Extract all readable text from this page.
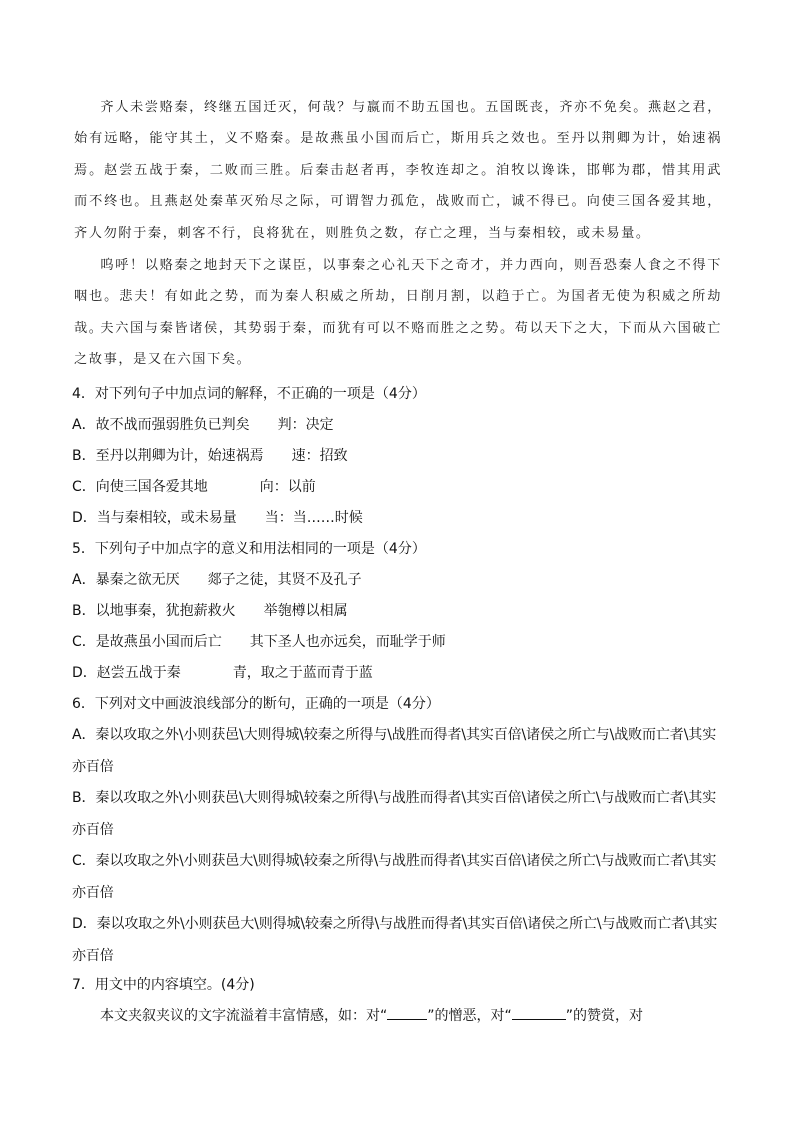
齐人未尝赂秦，终继五国迁灭，何哉？与嬴而不助五国也。五国既丧，齐亦不免矣。燕赵之君，始有远略，能守其土，义不赂秦。是故燕虽小国而后亡，斯用兵之效也。至丹以荆卿为计，始速祸焉。赵尝五战于秦，二败而三胜。后秦击赵者再，李牧连却之。洎牧以谗诛，邯郸为郡，惜其用武而不终也。且燕赵处秦革灭殆尽之际，可谓智力孤危，战败而亡，诚不得已。向使三国各爱其地，齐人勿附于秦，刺客不行，良将犹在，则胜负之数，存亡之理，当与秦相较，或未易量。

呜呼！以赂秦之地封天下之谋臣，以事秦之心礼天下之奇才，并力西向，则吾恐秦人食之不得下咽也。悲夫！有如此之势，而为秦人积威之所劫，日削月割，以趋于亡。为国者无使为积威之所劫哉。

夫六国与秦皆诸侯，其势弱于秦，而犹有可以不赂而胜之之势。苟以天下之大，下而从六国破亡之故事，是又在六国下矣。

4．对下列句子中加点词的解释，不正确的一项是（4分）

A．故不战而强弱胜负已判矣 判：决定

B．至丹以荆卿为计，始速祸焉 速：招致

C．向使三国各爱其地	向：以前

D．当与秦相较，或未易量 当：当……时候

5．下列句子中加点字的意义和用法相同的一项是（4分）

A．暴秦之欲无厌 郯子之徒，其贤不及孔子

B．以地事秦，犹抱薪救火 举匏樽以相属

C．是故燕虽小国而后亡 其下圣人也亦远矣，而耻学于师

D．赵尝五战于秦	青，取之于蓝而青于蓝

6．下列对文中画波浪线部分的断句，正确的一项是（4分）

A．秦以攻取之外\小则获邑\大则得城\较秦之所得与\战胜而得者\其实百倍\诸侯之所亡与\战败而亡者\其实亦百倍

B．秦以攻取之外\小则获邑\大则得城\较秦之所得\与战胜而得者\其实百倍\诸侯之所亡\与战败而亡者\其实亦百倍

C．秦以攻取之外\小则获邑大\则得城\较秦之所得\与战胜而得者\其实百倍\诸侯之所亡\与战败而亡者\其实亦百倍

D．秦以攻取之外\小则获邑大\则得城\较秦之所得\与战胜而得者\其实百倍\诸侯之所亡\与战败而亡者\其实亦百倍

7．用文中的内容填空。(4分)

本文夹叙夹议的文字流溢着丰富情感，如：对“	”的憎恶，对“	”的赞赏，对
